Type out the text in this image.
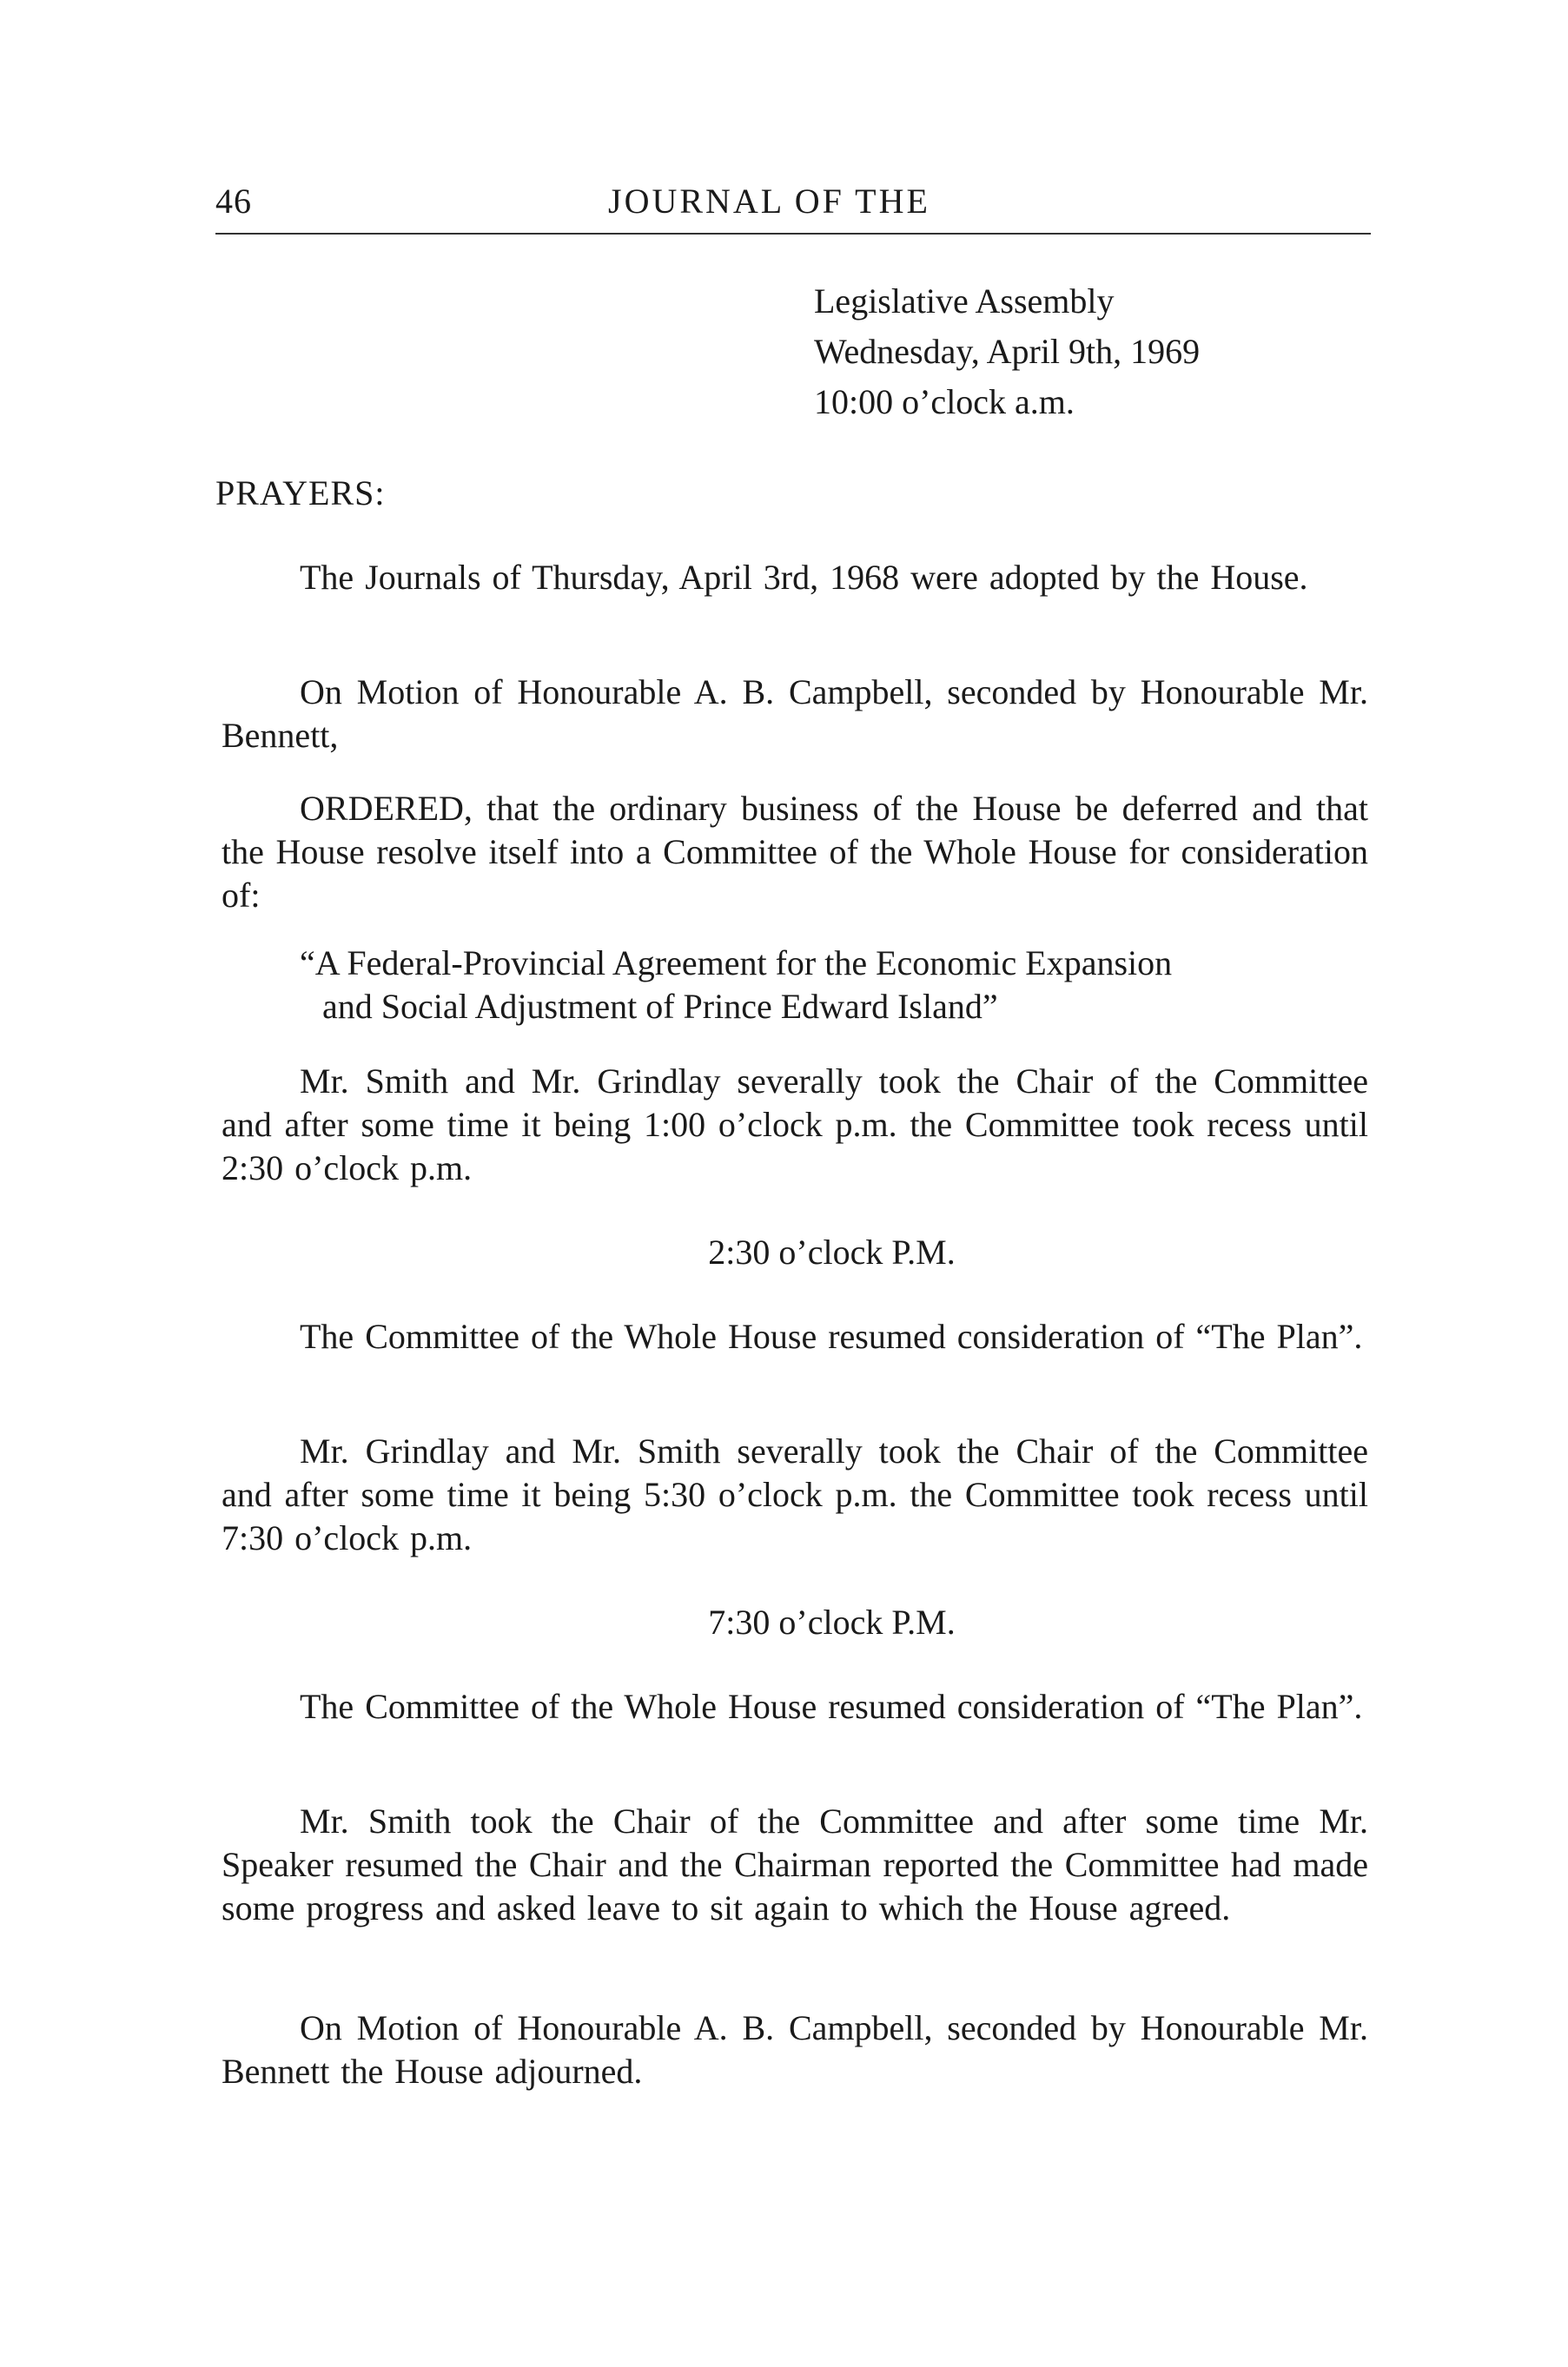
46	JOURNAL OF THE
Legislative Assembly
Wednesday, April 9th, 1969
10:00 o’clock a.m.
PRAYERS:
The Journals of Thursday, April 3rd, 1968 were adopted by the House.
On Motion of Honourable A. B. Campbell, seconded by Honourable Mr. Bennett,
ORDERED, that the ordinary business of the House be deferred and that the House resolve itself into a Committee of the Whole House for consideration of:
“A Federal-Provincial Agreement for the Economic Expansion
and Social Adjustment of Prince Edward Island”
Mr. Smith and Mr. Grindlay severally took the Chair of the Committee and after some time it being 1:00 o’clock p.m. the Committee took recess until 2:30 o’clock p.m.
2:30 o’clock P.M.
The Committee of the Whole House resumed consideration of “The Plan”.
Mr. Grindlay and Mr. Smith severally took the Chair of the Committee and after some time it being 5:30 o’clock p.m. the Committee took recess until 7:30 o’clock p.m.
7:30 o’clock P.M.
The Committee of the Whole House resumed consideration of “The Plan”.
Mr. Smith took the Chair of the Committee and after some time Mr. Speaker resumed the Chair and the Chairman reported the Committee had made some progress and asked leave to sit again to which the House agreed.
On Motion of Honourable A. B. Campbell, seconded by Honourable Mr. Bennett the House adjourned.
